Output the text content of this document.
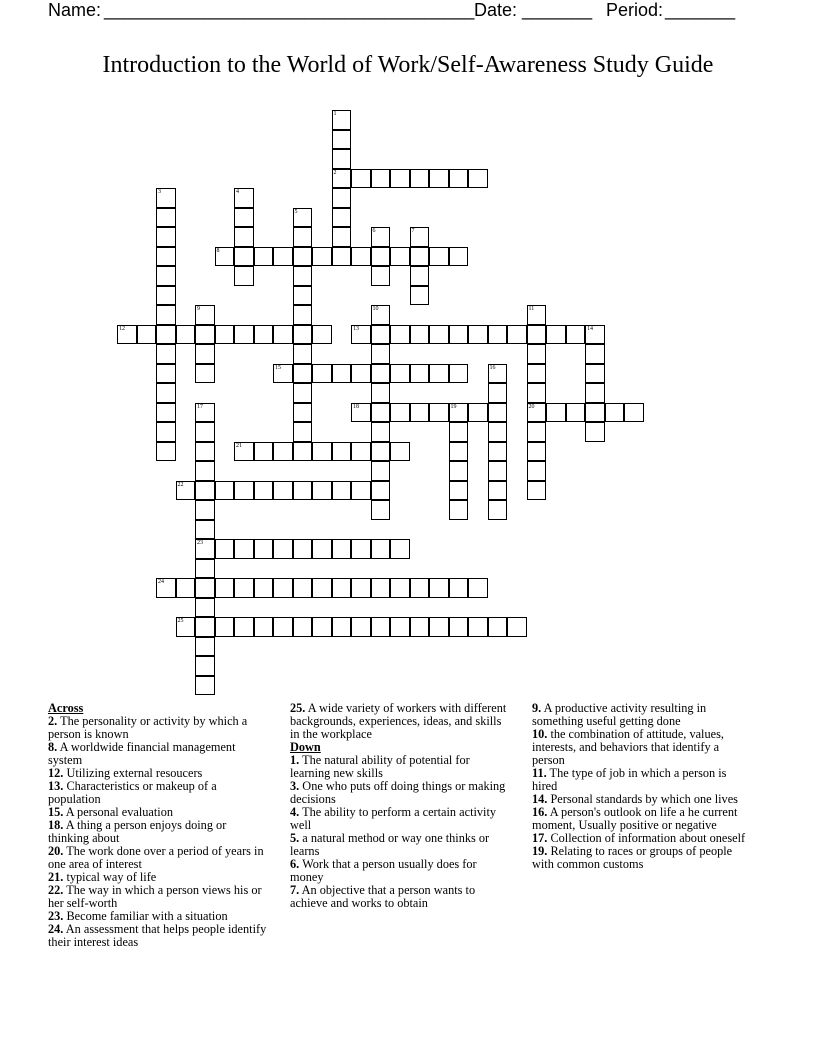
Name: _____________________________________ Date: _______ Period: _______
Introduction to the World of Work/Self-Awareness Study Guide
1
2
3	4
5
6	7
8
9	10	11
20
12	13	14
15	16
17
23
18	19
21
22
24
25
Across
2. The personality or activity by which a person is known
8. A worldwide financial management system
12. Utilizing external resoucers
13. Characteristics or makeup of a population
15. A personal evaluation
18. A thing a person enjoys doing or thinking about
20. The work done over a period of years in one area of interest
21. typical way of life
22. The way in which a person views his or her self-worth
23. Become familiar with a situation
24. An assessment that helps people identify their interest ideas
25. A wide variety of workers with different backgrounds, experiences, ideas, and skills in the workplace
Down
1. The natural ability of potential for learning new skills
3. One who puts off doing things or making decisions
4. The ability to perform a certain activity well
5. a natural method or way one thinks or learns
6. Work that a person usually does for money
7. An objective that a person wants to achieve and works to obtain
9. A productive activity resulting in something useful getting done
10. the combination of attitude, values, interests, and behaviors that identify a person
11. The type of job in which a person is hired
14. Personal standards by which one lives
16. A person's outlook on life a he current moment, Usually positive or negative
17. Collection of information about oneself
19. Relating to races or groups of people with common customs
